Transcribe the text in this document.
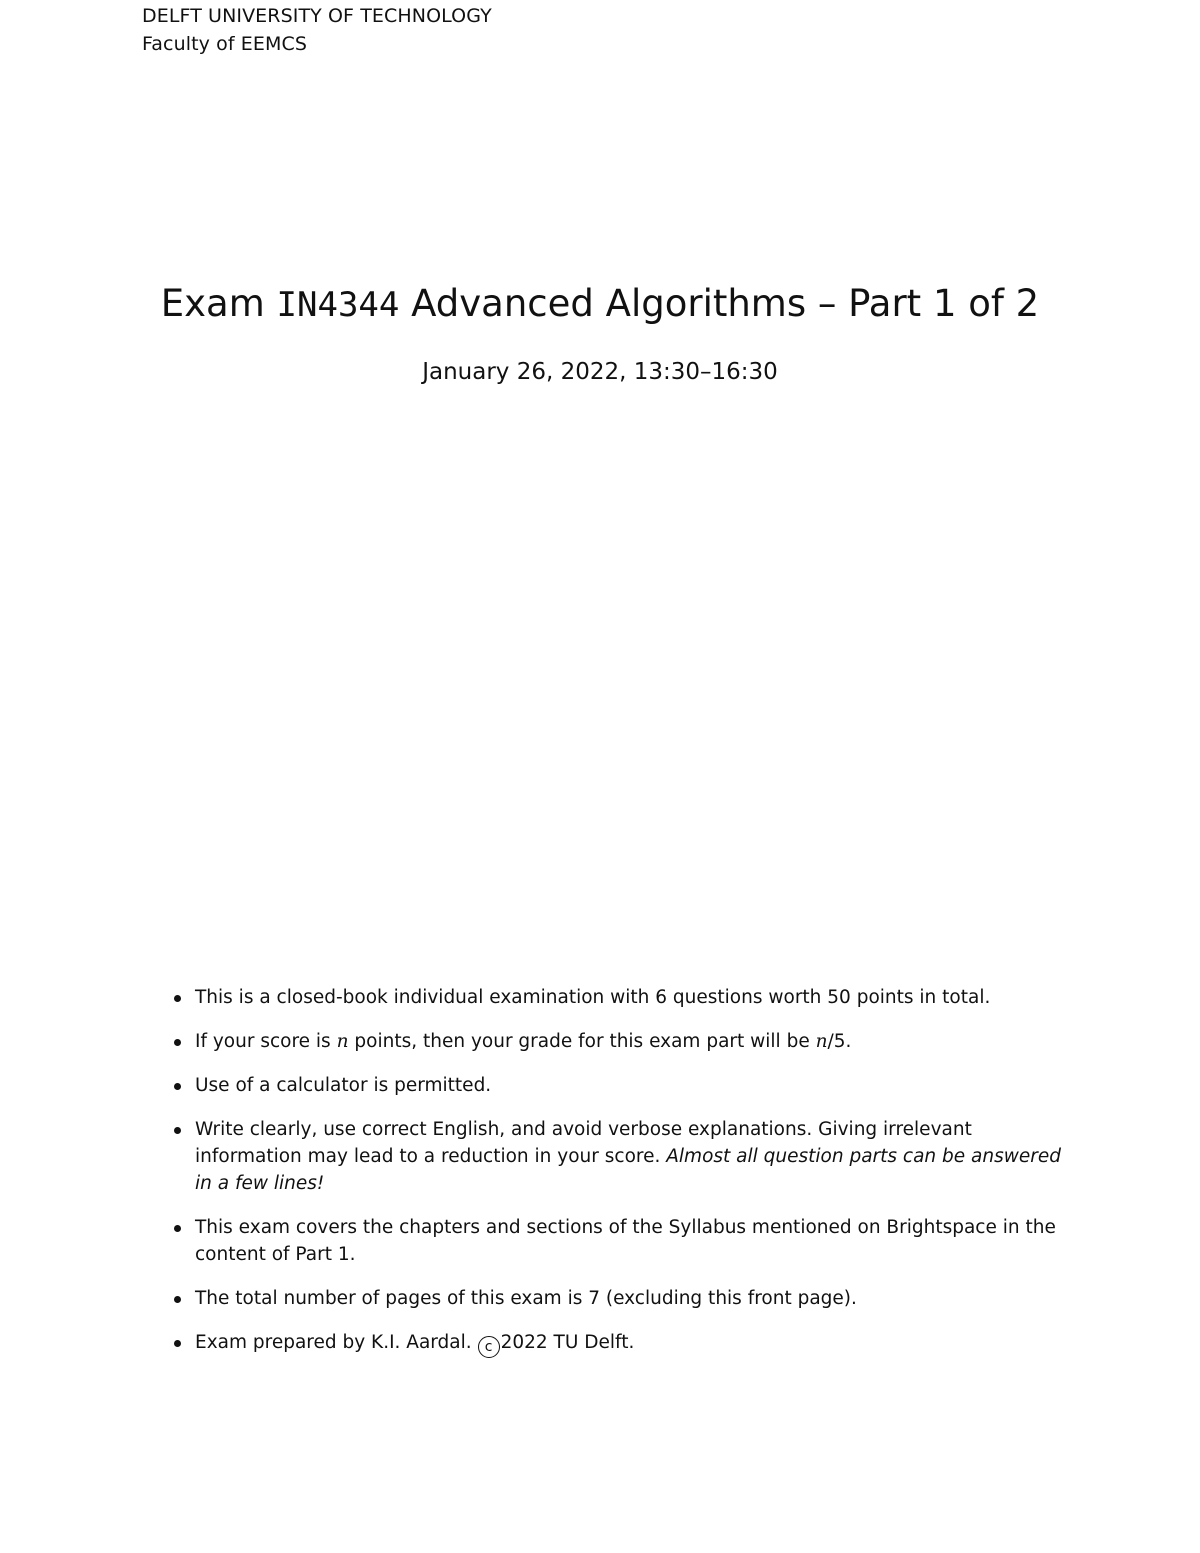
DELFT UNIVERSITY OF TECHNOLOGY
Faculty of EEMCS
Exam IN4344 Advanced Algorithms – Part 1 of 2
January 26, 2022, 13:30–16:30
This is a closed-book individual examination with 6 questions worth 50 points in total.
If your score is n points, then your grade for this exam part will be n/5.
Use of a calculator is permitted.
Write clearly, use correct English, and avoid verbose explanations. Giving irrelevant information may lead to a reduction in your score. Almost all question parts can be answered in a few lines!
This exam covers the chapters and sections of the Syllabus mentioned on Brightspace in the content of Part 1.
The total number of pages of this exam is 7 (excluding this front page).
Exam prepared by K.I. Aardal. c 2022 TU Delft.
